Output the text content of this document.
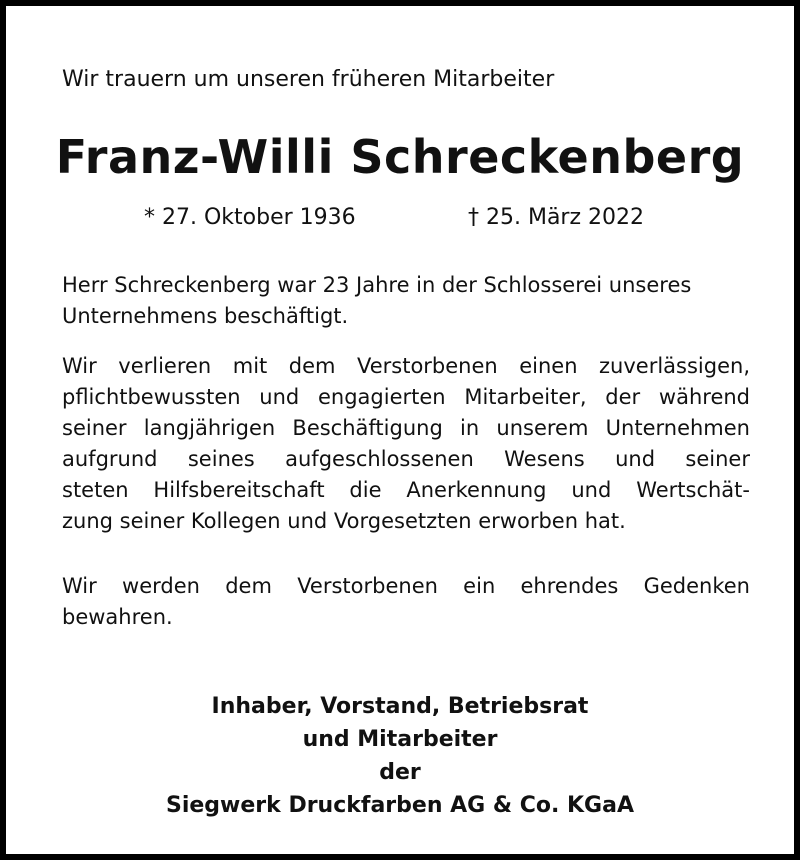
Wir trauern um unseren früheren Mitarbeiter
Franz-Willi Schreckenberg
* 27. Oktober 1936	† 25. März 2022
Herr Schreckenberg war 23 Jahre in der Schlosserei unseres
Unternehmens beschäftigt.
Wir verlieren mit dem Verstorbenen einen zuverlässigen,
pflichtbewussten und engagierten Mitarbeiter, der während
seiner langjährigen Beschäftigung in unserem Unternehmen
aufgrund seines aufgeschlossenen Wesens und seiner
steten Hilfsbereitschaft die Anerkennung und Wertschät-
zung seiner Kollegen und Vorgesetzten erworben hat.
Wir werden dem Verstorbenen ein ehrendes Gedenken
bewahren.
Inhaber, Vorstand, Betriebsrat
und Mitarbeiter
der
Siegwerk Druckfarben AG & Co. KGaA
